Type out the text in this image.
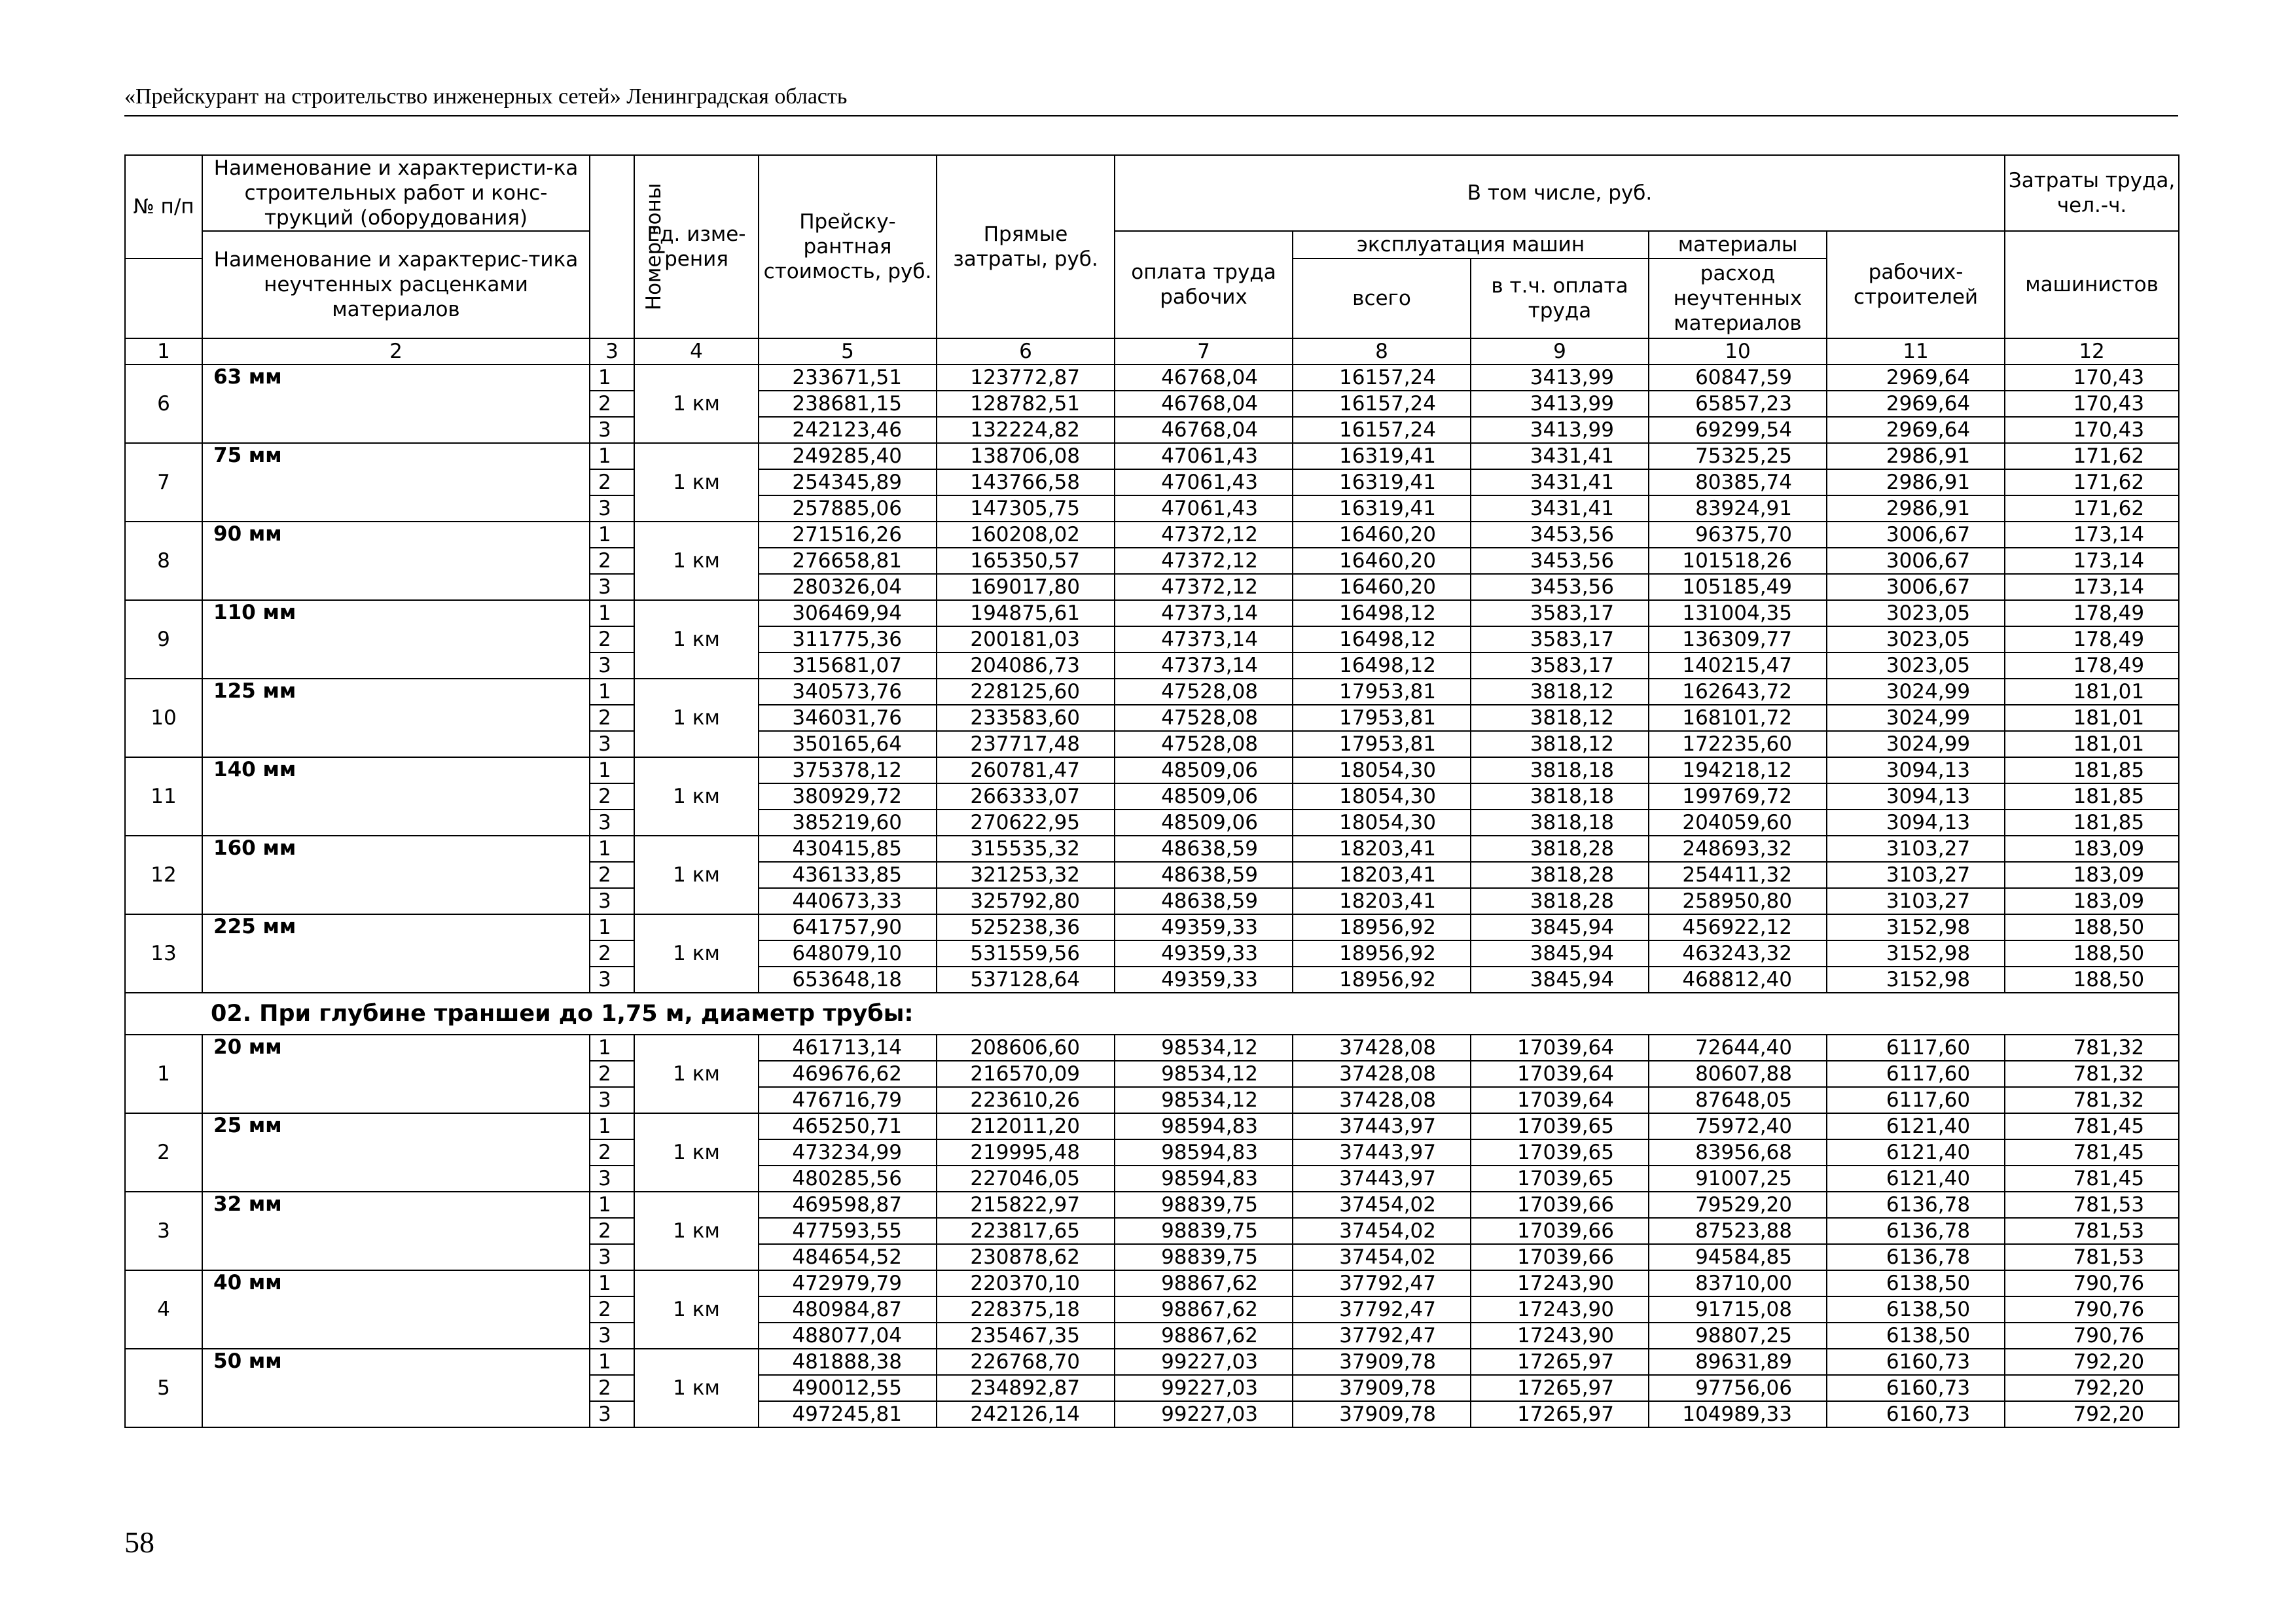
«Прейскурант на строительство инженерных сетей» Ленинградская область
№ п/п	Наименование и характеристи-ка строительных работ и конс-трукций (оборудования)	Номер зоны	Ед. изме-рения	Прейску-рантная стоимость, руб.	Прямые затраты, руб.	В том числе, руб.					Затраты труда, чел.-ч.
	Наименование и характерис-тика неучтенных расценками материалов					оплата труда рабочих	эксплуатация машин		материалы	рабочих-строителей	машинистов
							всего	в т.ч. оплата труда	расход неучтенных материалов		
1	2	3	4	5	6	7	8	9	10	11	12
6	63 мм	1	1 км	233671,51	123772,87	46768,04	16157,24	3413,99	60847,59	2969,64	170,43
		2		238681,15	128782,51	46768,04	16157,24	3413,99	65857,23	2969,64	170,43
		3		242123,46	132224,82	46768,04	16157,24	3413,99	69299,54	2969,64	170,43
7	75 мм	1	1 км	249285,40	138706,08	47061,43	16319,41	3431,41	75325,25	2986,91	171,62
		2		254345,89	143766,58	47061,43	16319,41	3431,41	80385,74	2986,91	171,62
		3		257885,06	147305,75	47061,43	16319,41	3431,41	83924,91	2986,91	171,62
8	90 мм	1	1 км	271516,26	160208,02	47372,12	16460,20	3453,56	96375,70	3006,67	173,14
		2		276658,81	165350,57	47372,12	16460,20	3453,56	101518,26	3006,67	173,14
		3		280326,04	169017,80	47372,12	16460,20	3453,56	105185,49	3006,67	173,14
9	110 мм	1	1 км	306469,94	194875,61	47373,14	16498,12	3583,17	131004,35	3023,05	178,49
		2		311775,36	200181,03	47373,14	16498,12	3583,17	136309,77	3023,05	178,49
		3		315681,07	204086,73	47373,14	16498,12	3583,17	140215,47	3023,05	178,49
10	125 мм	1	1 км	340573,76	228125,60	47528,08	17953,81	3818,12	162643,72	3024,99	181,01
		2		346031,76	233583,60	47528,08	17953,81	3818,12	168101,72	3024,99	181,01
		3		350165,64	237717,48	47528,08	17953,81	3818,12	172235,60	3024,99	181,01
11	140 мм	1	1 км	375378,12	260781,47	48509,06	18054,30	3818,18	194218,12	3094,13	181,85
		2		380929,72	266333,07	48509,06	18054,30	3818,18	199769,72	3094,13	181,85
		3		385219,60	270622,95	48509,06	18054,30	3818,18	204059,60	3094,13	181,85
12	160 мм	1	1 км	430415,85	315535,32	48638,59	18203,41	3818,28	248693,32	3103,27	183,09
		2		436133,85	321253,32	48638,59	18203,41	3818,28	254411,32	3103,27	183,09
		3		440673,33	325792,80	48638,59	18203,41	3818,28	258950,80	3103,27	183,09
13	225 мм	1	1 км	641757,90	525238,36	49359,33	18956,92	3845,94	456922,12	3152,98	188,50
		2		648079,10	531559,56	49359,33	18956,92	3845,94	463243,32	3152,98	188,50
		3		653648,18	537128,64	49359,33	18956,92	3845,94	468812,40	3152,98	188,50
02. При глубине траншеи до 1,75 м, диаметр трубы:											
1	20 мм	1	1 км	461713,14	208606,60	98534,12	37428,08	17039,64	72644,40	6117,60	781,32
		2		469676,62	216570,09	98534,12	37428,08	17039,64	80607,88	6117,60	781,32
		3		476716,79	223610,26	98534,12	37428,08	17039,64	87648,05	6117,60	781,32
2	25 мм	1	1 км	465250,71	212011,20	98594,83	37443,97	17039,65	75972,40	6121,40	781,45
		2		473234,99	219995,48	98594,83	37443,97	17039,65	83956,68	6121,40	781,45
		3		480285,56	227046,05	98594,83	37443,97	17039,65	91007,25	6121,40	781,45
3	32 мм	1	1 км	469598,87	215822,97	98839,75	37454,02	17039,66	79529,20	6136,78	781,53
		2		477593,55	223817,65	98839,75	37454,02	17039,66	87523,88	6136,78	781,53
		3		484654,52	230878,62	98839,75	37454,02	17039,66	94584,85	6136,78	781,53
4	40 мм	1	1 км	472979,79	220370,10	98867,62	37792,47	17243,90	83710,00	6138,50	790,76
		2		480984,87	228375,18	98867,62	37792,47	17243,90	91715,08	6138,50	790,76
		3		488077,04	235467,35	98867,62	37792,47	17243,90	98807,25	6138,50	790,76
5	50 мм	1	1 км	481888,38	226768,70	99227,03	37909,78	17265,97	89631,89	6160,73	792,20
		2		490012,55	234892,87	99227,03	37909,78	17265,97	97756,06	6160,73	792,20
		3		497245,81	242126,14	99227,03	37909,78	17265,97	104989,33	6160,73	792,20
58
